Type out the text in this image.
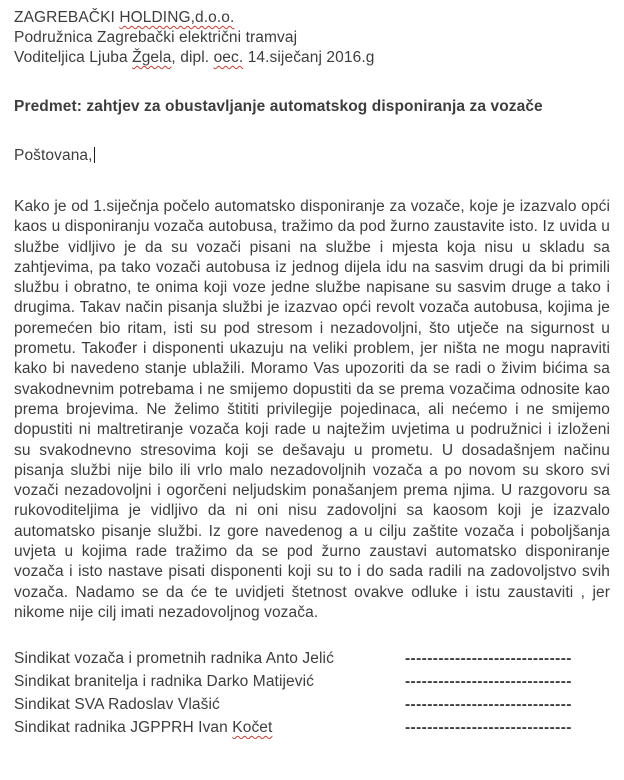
ZAGREBAČKI HOLDING,d.o.o.

Podružnica Zagrebački električni tramvaj

Voditeljica Ljuba Žgela, dipl. oec. 14.siječanj 2016.g

Predmet: zahtjev za obustavljanje automatskog disponiranja za vozače

Poštovana,

Kako je od 1.siječnja počelo automatsko disponiranje za vozače, koje je izazvalo opći kaos u disponiranju vozača autobusa, tražimo da pod žurno zaustavite isto. Iz uvida u službe vidljivo je da su vozači pisani na službe i mjesta koja nisu u skladu sa zahtjevima, pa tako vozači autobusa iz jednog dijela idu na sasvim drugi da bi primili službu i obratno, te onima koji voze jedne službe napisane su sasvim druge a tako i drugima. Takav način pisanja službi je izazvao opći revolt vozača autobusa, kojima je poremećen bio ritam, isti su pod stresom i nezadovoljni, što utječe na sigurnost u prometu. Također i disponenti ukazuju na veliki problem, jer ništa ne mogu napraviti kako bi navedeno stanje ublažili. Moramo Vas upozoriti da se radi o živim bićima sa svakodnevnim potrebama i ne smijemo dopustiti da se prema vozačima odnosite kao prema brojevima. Ne želimo štititi privilegije pojedinaca, ali nećemo i ne smijemo dopustiti ni maltretiranje vozača koji rade u najtežim uvjetima u podružnici i izloženi su svakodnevno stresovima koji se dešavaju u prometu. U dosadašnjem načinu pisanja službi nije bilo ili vrlo malo nezadovoljnih vozača a po novom su skoro svi vozači nezadovoljni i ogorčeni neljudskim ponašanjem prema njima. U razgovoru sa rukovoditeljima je vidljivo da ni oni nisu zadovoljni sa kaosom koji je izazvalo automatsko pisanje službi. Iz gore navedenog a u cilju zaštite vozača i poboljšanja uvjeta u kojima rade tražimo da se pod žurno zaustavi automatsko disponiranje vozača i isto nastave pisati disponenti koji su to i do sada radili na zadovoljstvo svih vozača. Nadamo se da će te uvidjeti štetnost ovakve odluke i istu zaustaviti , jer nikome nije cilj imati nezadovoljnog vozača.

Sindikat vozača i prometnih radnika Anto Jelić	------------------------------
Sindikat branitelja i radnika Darko Matijević	------------------------------
Sindikat SVA Radoslav Vlašić	------------------------------
Sindikat radnika JGPPRH Ivan Kočet	------------------------------
